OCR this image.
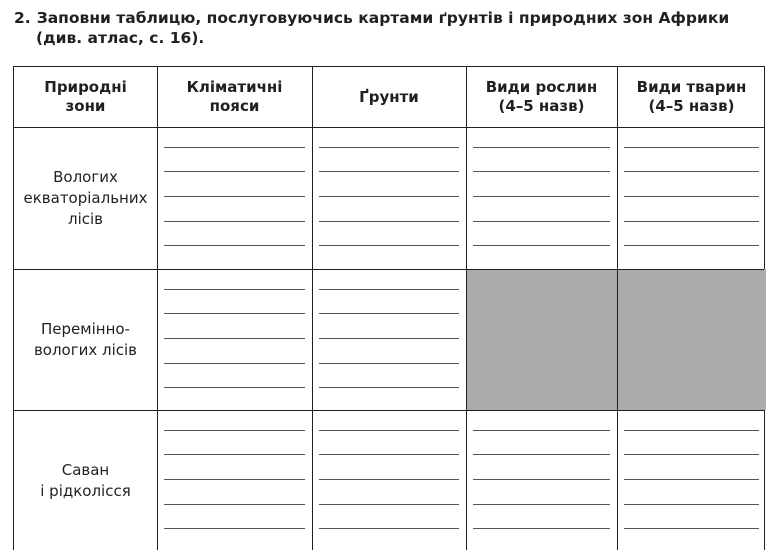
2. Заповни таблицю, послуговуючись картами ґрунтів і природних зон Африки
(див. атлас, с. 16).
Природні
зони
Кліматичні
пояси
Ґрунти
Види рослин
(4–5 назв)
Види тварин
(4–5 назв)
Вологих
екваторіальних
лісів
Перемінно-
вологих лісів
Саван
і рідколісся
